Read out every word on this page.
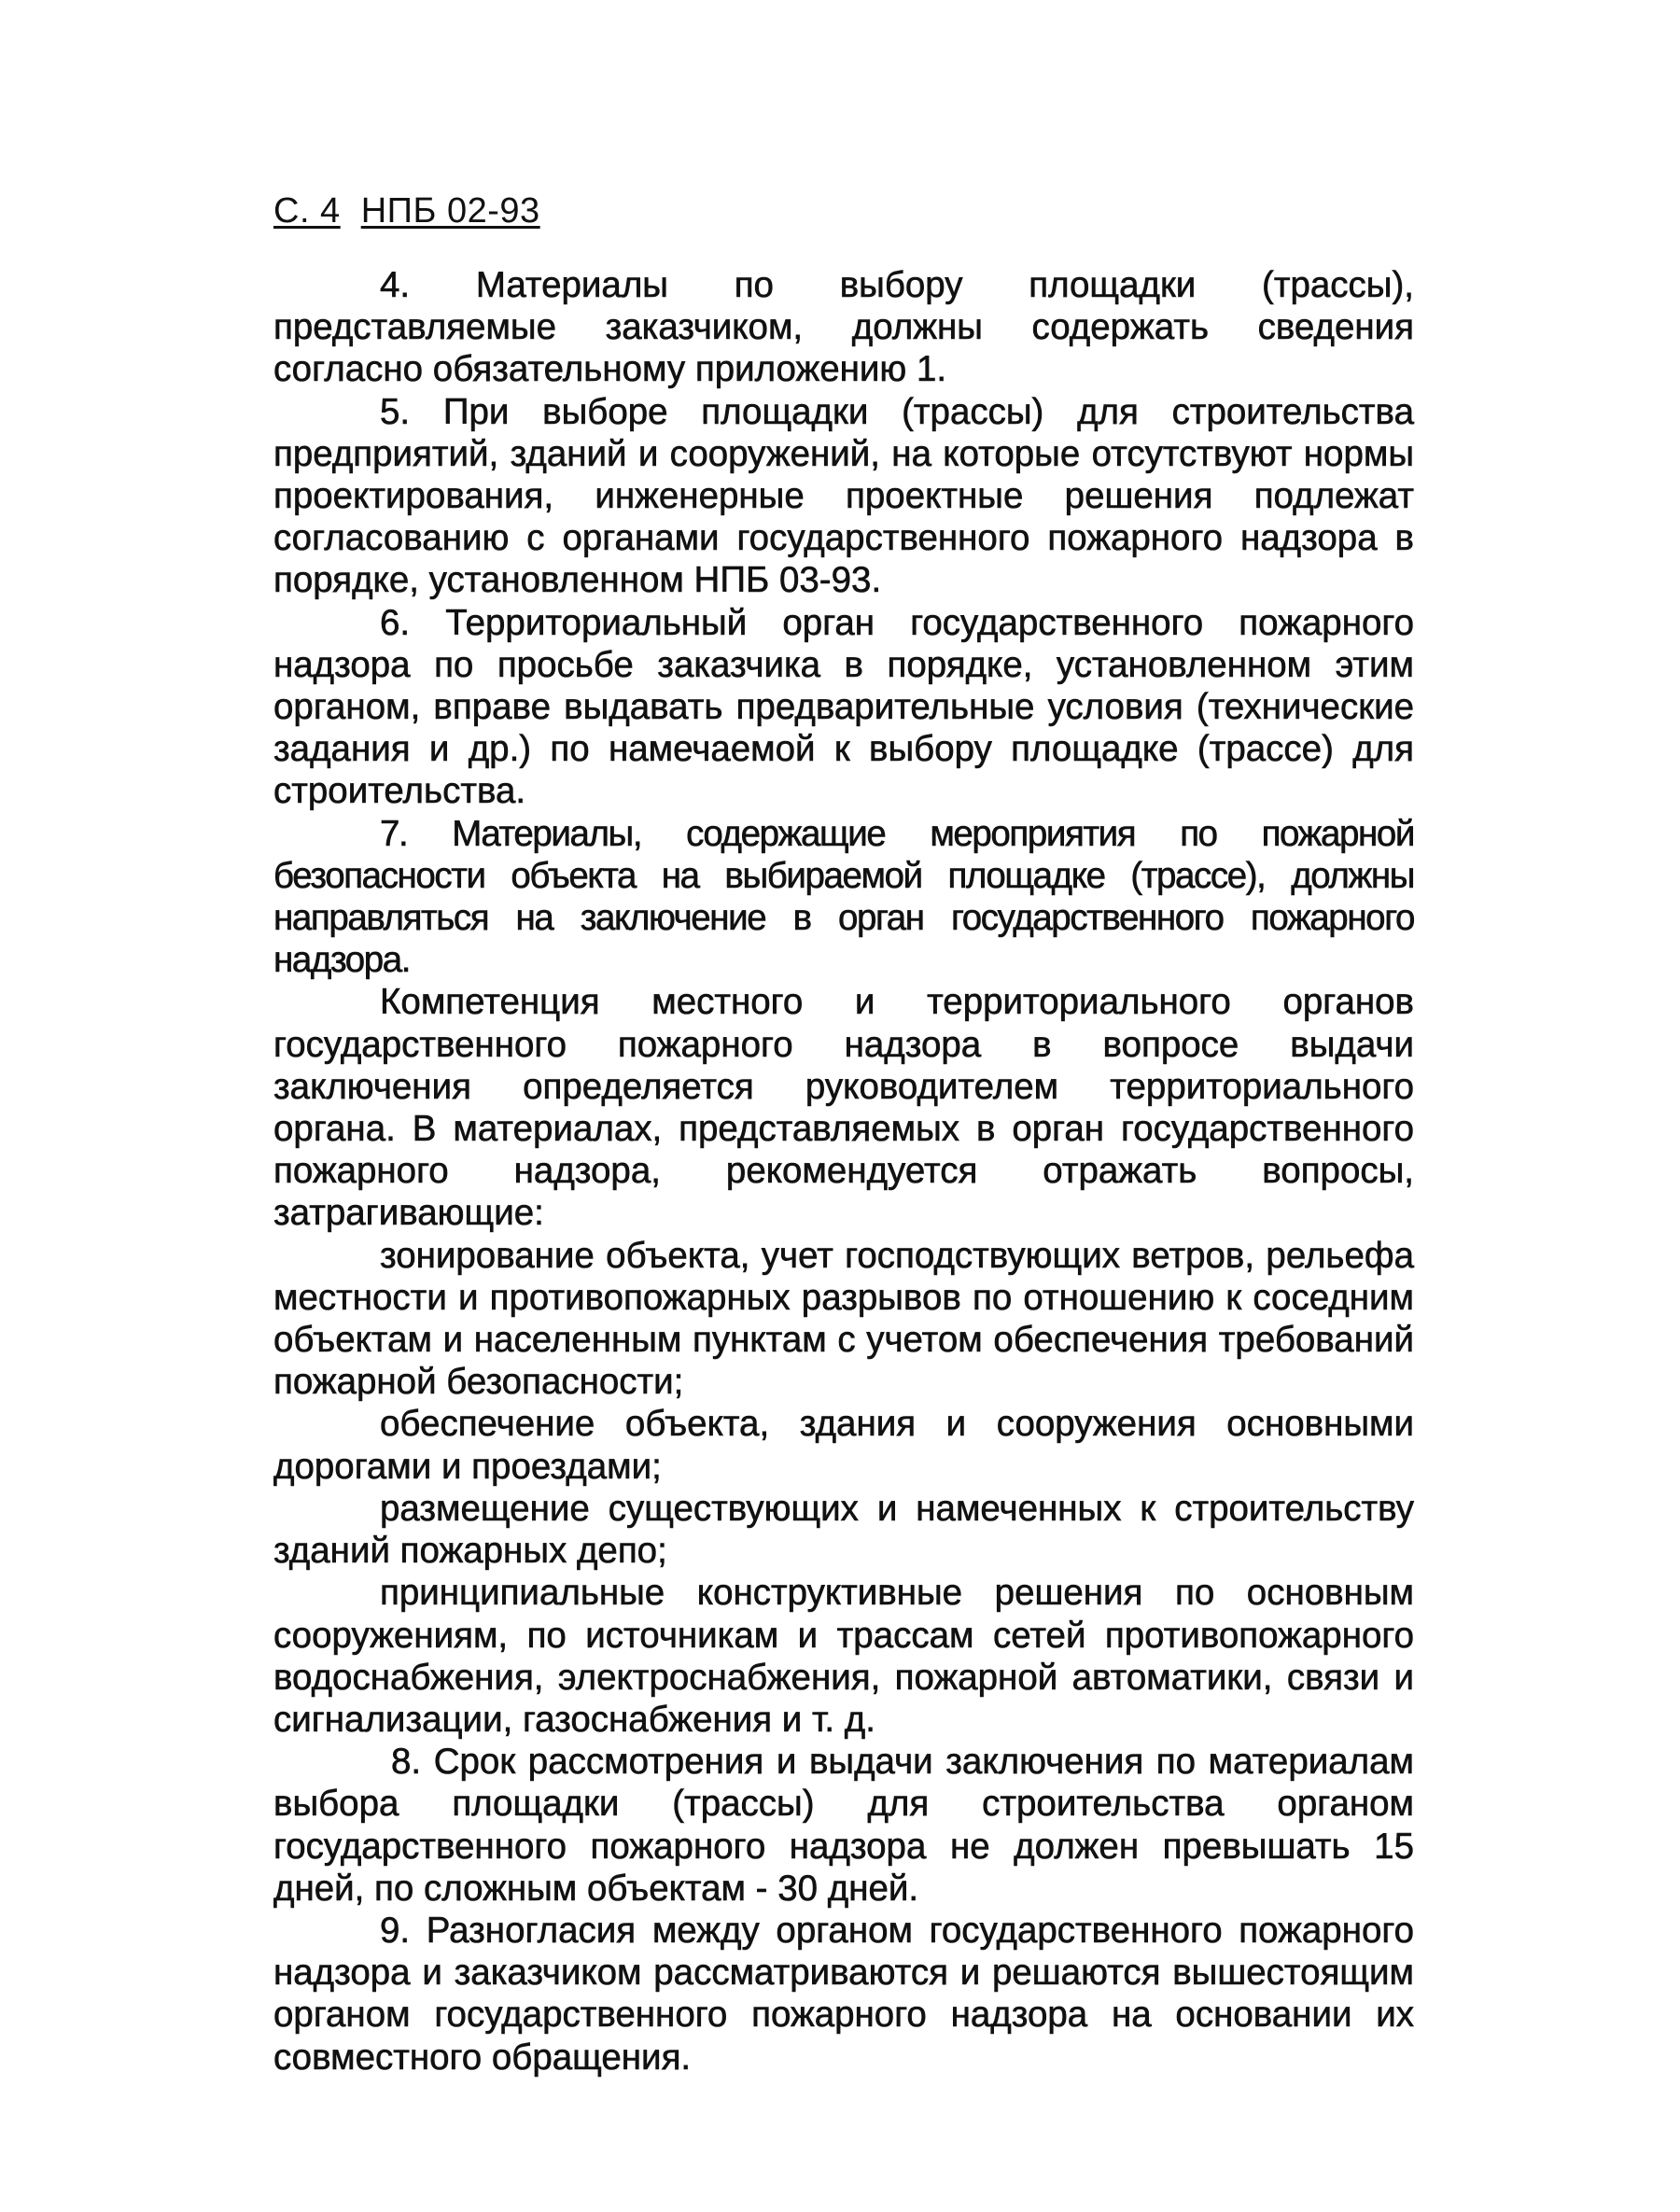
С. 4 НПБ 02-93

4. Материалы по выбору площадки (трассы), представляемые заказчиком, должны содержать сведения согласно обязательному приложению 1.

5. При выборе площадки (трассы) для строительства предприятий, зданий и сооружений, на которые отсутствуют нормы проектирования, инженерные проектные решения подлежат согласованию с органами государственного пожарного надзора в порядке, установленном НПБ 03-93.

6. Территориальный орган государственного пожарного надзора по просьбе заказчика в порядке, установленном этим органом, вправе выдавать предварительные условия (технические задания и др.) по намечаемой к выбору площадке (трассе) для строительства.

7. Материалы, содержащие мероприятия по пожарной безопасности объекта на выбираемой площадке (трассе), должны направляться на заключение в орган государственного пожарного надзора.

Компетенция местного и территориального органов государственного пожарного надзора в вопросе выдачи заключения определяется руководителем территориального органа. В материалах, представляемых в орган государственного пожарного надзора, рекомендуется отражать вопросы, затрагивающие:

зонирование объекта, учет господствующих ветров, рельефа местности и противопожарных разрывов по отношению к соседним объектам и населенным пунктам с учетом обеспечения требований пожарной безопасности;

обеспечение объекта, здания и сооружения основными дорогами и проездами;

размещение существующих и намеченных к строительству зданий пожарных депо;

принципиальные конструктивные решения по основным сооружениям, по источникам и трассам сетей противопожарного водоснабжения, электроснабжения, пожарной автоматики, связи и сигнализации, газоснабжения и т. д.

8. Срок рассмотрения и выдачи заключения по материалам выбора площадки (трассы) для строительства органом государственного пожарного надзора не должен превышать 15 дней, по сложным объектам - 30 дней.

9. Разногласия между органом государственного пожарного надзора и заказчиком рассматриваются и решаются вышестоящим органом государственного пожарного надзора на основании их совместного обращения.
